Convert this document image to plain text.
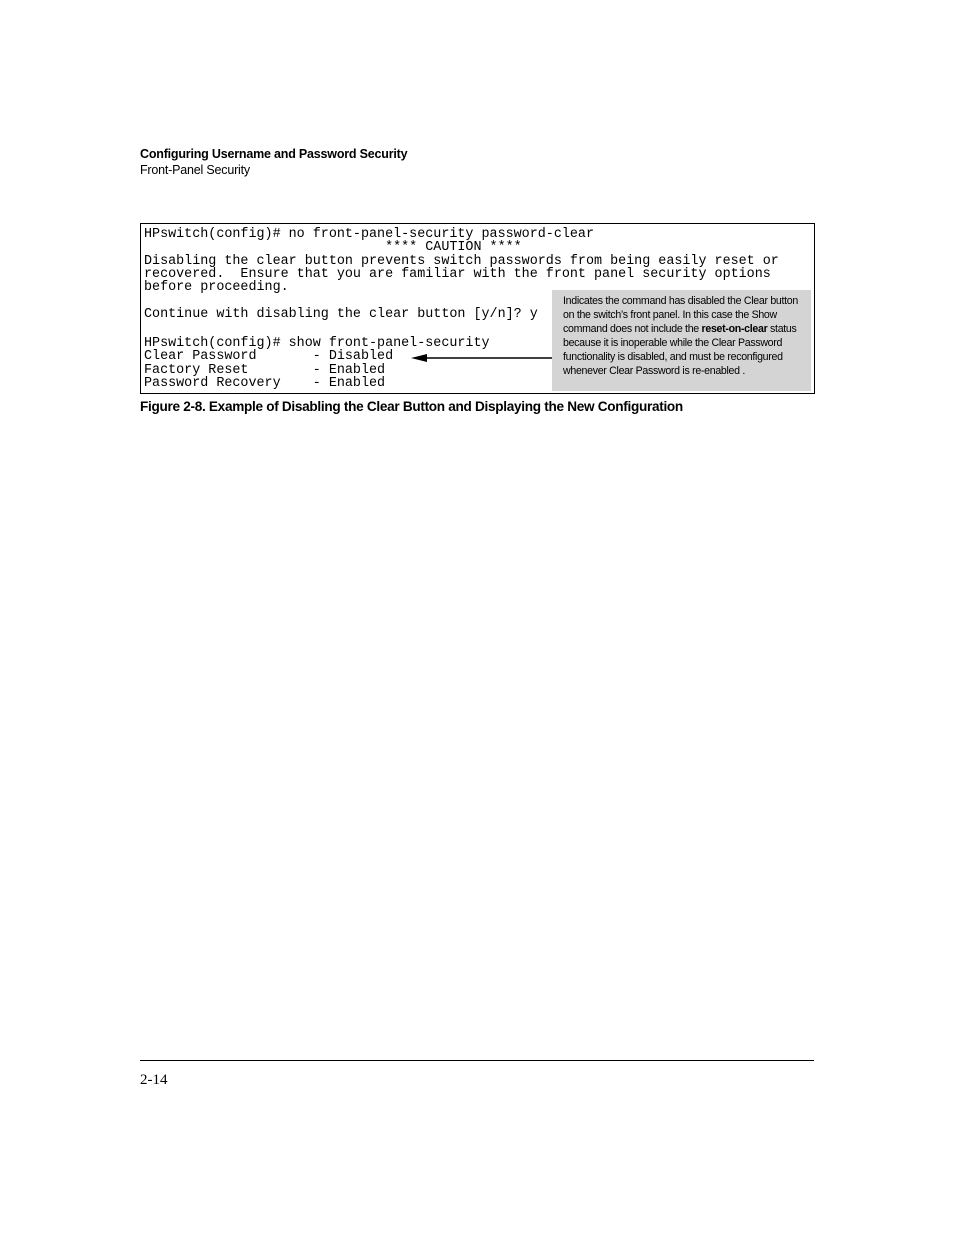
Configuring Username and Password Security
Front-Panel Security
HPswitch(config)# no front-panel-security password-clear
**** CAUTION ****
Disabling the clear button prevents switch passwords from being easily reset or
recovered.  Ensure that you are familiar with the front panel security options
before proceeding.
Continue with disabling the clear button [y/n]? y
HPswitch(config)# show front-panel-security
Clear Password       - Disabled
Factory Reset        - Enabled
Password Recovery    - Enabled
Indicates the command has disabled the Clear button on the switch’s front panel. In this case the Show command does not include the reset-on-clear status because it is inoperable while the Clear Password functionality is disabled, and must be reconfigured whenever Clear Password is re-enabled .
Figure 2-8. Example of Disabling the Clear Button and Displaying the New Configuration
2-14
